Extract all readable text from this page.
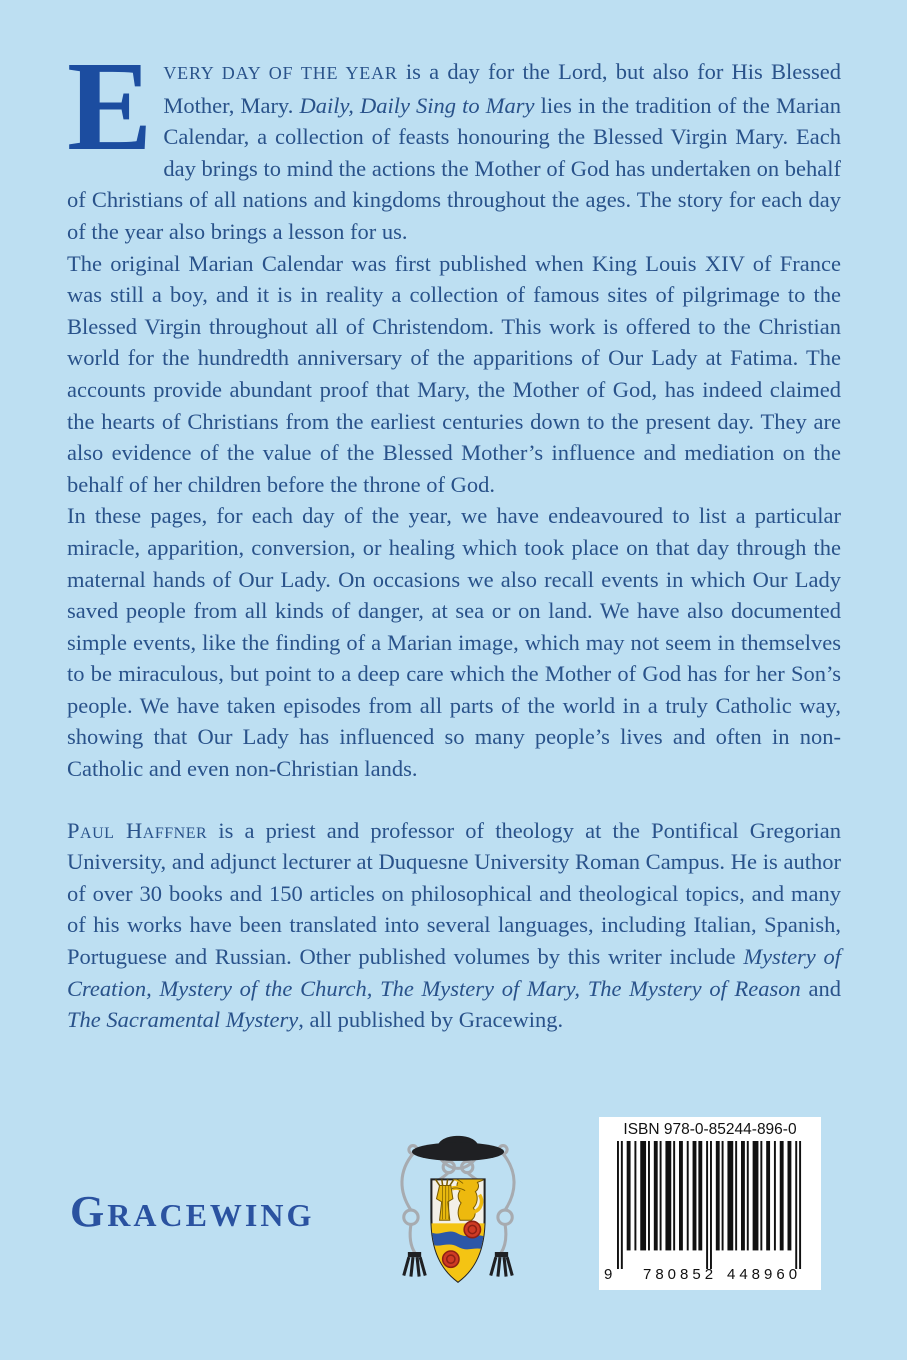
EVERY DAY OF THE YEAR is a day for the Lord, but also for His Blessed Mother, Mary. Daily, Daily Sing to Mary lies in the tradition of the Marian Calendar, a collection of feasts honouring the Blessed Virgin Mary. Each day brings to mind the actions the Mother of God has undertaken on behalf of Christians of all nations and kingdoms throughout the ages. The story for each day of the year also brings a lesson for us.

The original Marian Calendar was first published when King Louis XIV of France was still a boy, and it is in reality a collection of famous sites of pilgrimage to the Blessed Virgin throughout all of Christendom. This work is offered to the Christian world for the hundredth anniversary of the apparitions of Our Lady at Fatima. The accounts provide abundant proof that Mary, the Mother of God, has indeed claimed the hearts of Christians from the earliest centuries down to the present day. They are also evidence of the value of the Blessed Mother’s influence and mediation on the behalf of her children before the throne of God.

In these pages, for each day of the year, we have endeavoured to list a particular miracle, apparition, conversion, or healing which took place on that day through the maternal hands of Our Lady. On occasions we also recall events in which Our Lady saved people from all kinds of danger, at sea or on land. We have also documented simple events, like the finding of a Marian image, which may not seem in themselves to be miraculous, but point to a deep care which the Mother of God has for her Son’s people. We have taken episodes from all parts of the world in a truly Catholic way, showing that Our Lady has influenced so many people’s lives and often in non-Catholic and even non-Christian lands.

Paul Haffner is a priest and professor of theology at the Pontifical Gregorian University, and adjunct lecturer at Duquesne University Roman Campus. He is author of over 30 books and 150 articles on philosophical and theological topics, and many of his works have been translated into several languages, including Italian, Spanish, Portuguese and Russian. Other published volumes by this writer include Mystery of Creation, Mystery of the Church, The Mystery of Mary, The Mystery of Reason and The Sacramental Mystery, all published by Gracewing.

GRACEWING
ISBN 978-0-85244-896-0
9 780852 448960
